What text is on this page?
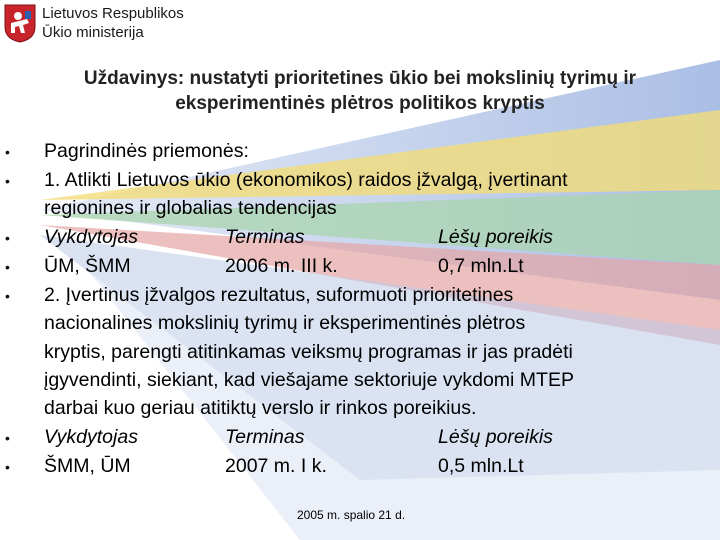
Lietuvos Respublikos
Ūkio ministerija
Uždavinys: nustatyti prioritetines ūkio bei mokslinių tyrimų ir
eksperimentinės plėtros politikos kryptis
•
•
•
•
•
•
•
Pagrindinės priemonės:
1. Atlikti Lietuvos ūkio (ekonomikos) raidos įžvalgą, įvertinant
regionines ir globalias tendencijas
Vykdytojas	Terminas	Lėšų poreikis
ŪM, ŠMM	2006 m. III k.	0,7 mln.Lt
2. Įvertinus įžvalgos rezultatus, suformuoti prioritetines
nacionalines mokslinių tyrimų ir eksperimentinės plėtros
kryptis, parengti atitinkamas veiksmų programas ir jas pradėti
įgyvendinti, siekiant, kad viešajame sektoriuje vykdomi MTEP
darbai kuo geriau atitiktų verslo ir rinkos poreikius.
Vykdytojas	Terminas	Lėšų poreikis
ŠMM, ŪM	2007 m. I k.	0,5 mln.Lt
2005 m. spalio 21 d.
